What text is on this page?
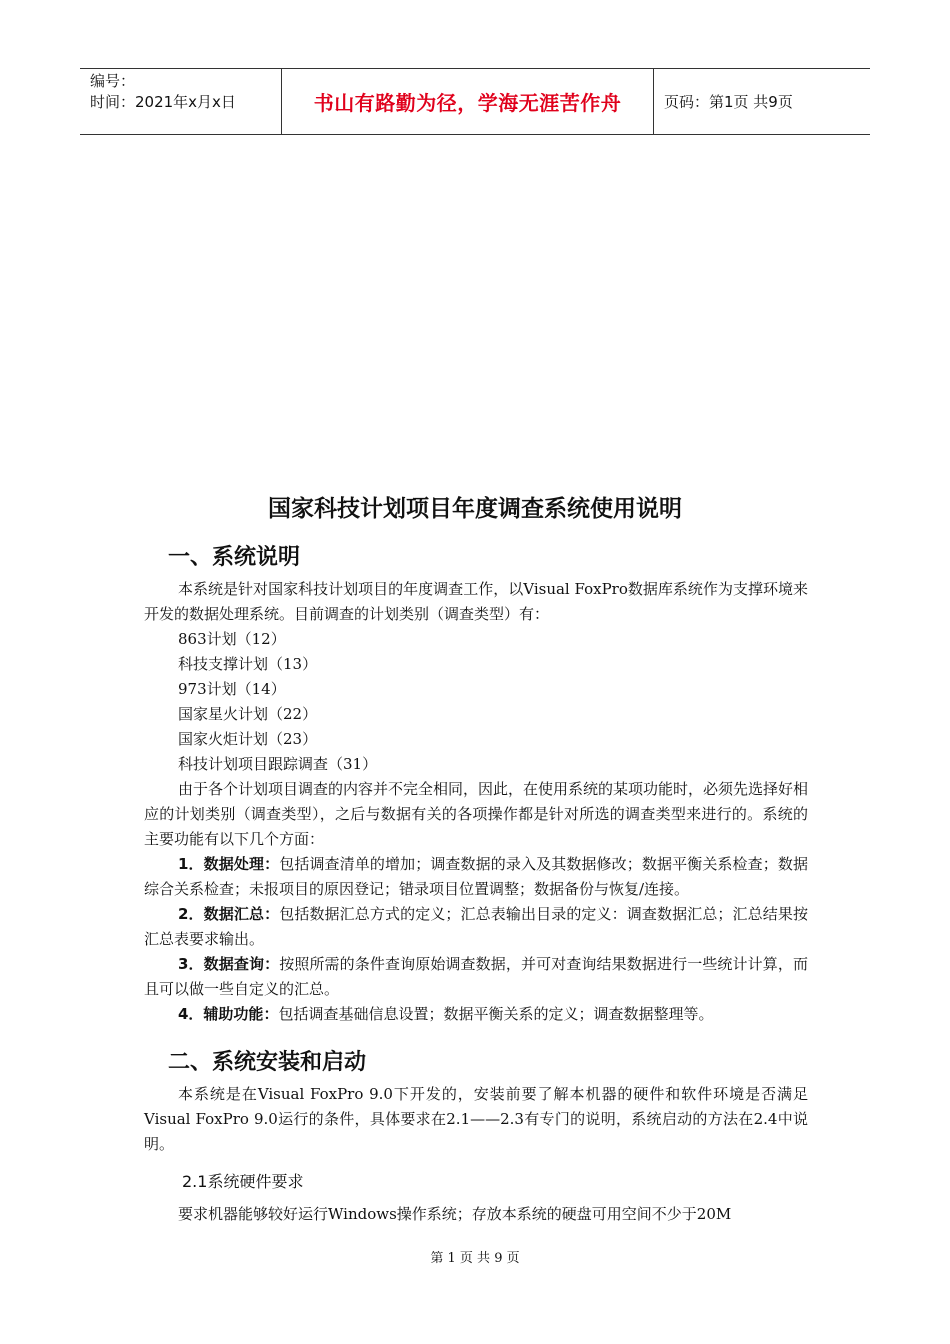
编号：
时间：2021年x月x日	书山有路勤为径，学海无涯苦作舟	页码：第1页 共9页
国家科技计划项目年度调查系统使用说明
一、系统说明
本系统是针对国家科技计划项目的年度调查工作，以Visual FoxPro数据库系统作为支撑环境来开发的数据处理系统。目前调查的计划类别（调查类型）有：
863计划（12）
科技支撑计划（13）
973计划（14）
国家星火计划（22）
国家火炬计划（23）
科技计划项目跟踪调查（31）
由于各个计划项目调查的内容并不完全相同，因此，在使用系统的某项功能时，必须先选择好相应的计划类别（调查类型），之后与数据有关的各项操作都是针对所选的调查类型来进行的。系统的主要功能有以下几个方面：
1．数据处理：包括调查清单的增加；调查数据的录入及其数据修改；数据平衡关系检查；数据综合关系检查；未报项目的原因登记；错录项目位置调整；数据备份与恢复/连接。
2．数据汇总：包括数据汇总方式的定义；汇总表输出目录的定义：调查数据汇总；汇总结果按汇总表要求输出。
3．数据查询：按照所需的条件查询原始调查数据，并可对查询结果数据进行一些统计计算，而且可以做一些自定义的汇总。
4．辅助功能：包括调查基础信息设置；数据平衡关系的定义；调查数据整理等。
二、系统安装和启动
本系统是在Visual FoxPro 9.0下开发的，安装前要了解本机器的硬件和软件环境是否满足Visual FoxPro 9.0运行的条件，具体要求在2.1——2.3有专门的说明，系统启动的方法在2.4中说明。
2.1系统硬件要求
要求机器能够较好运行Windows操作系统；存放本系统的硬盘可用空间不少于20M
第 1 页 共 9 页
